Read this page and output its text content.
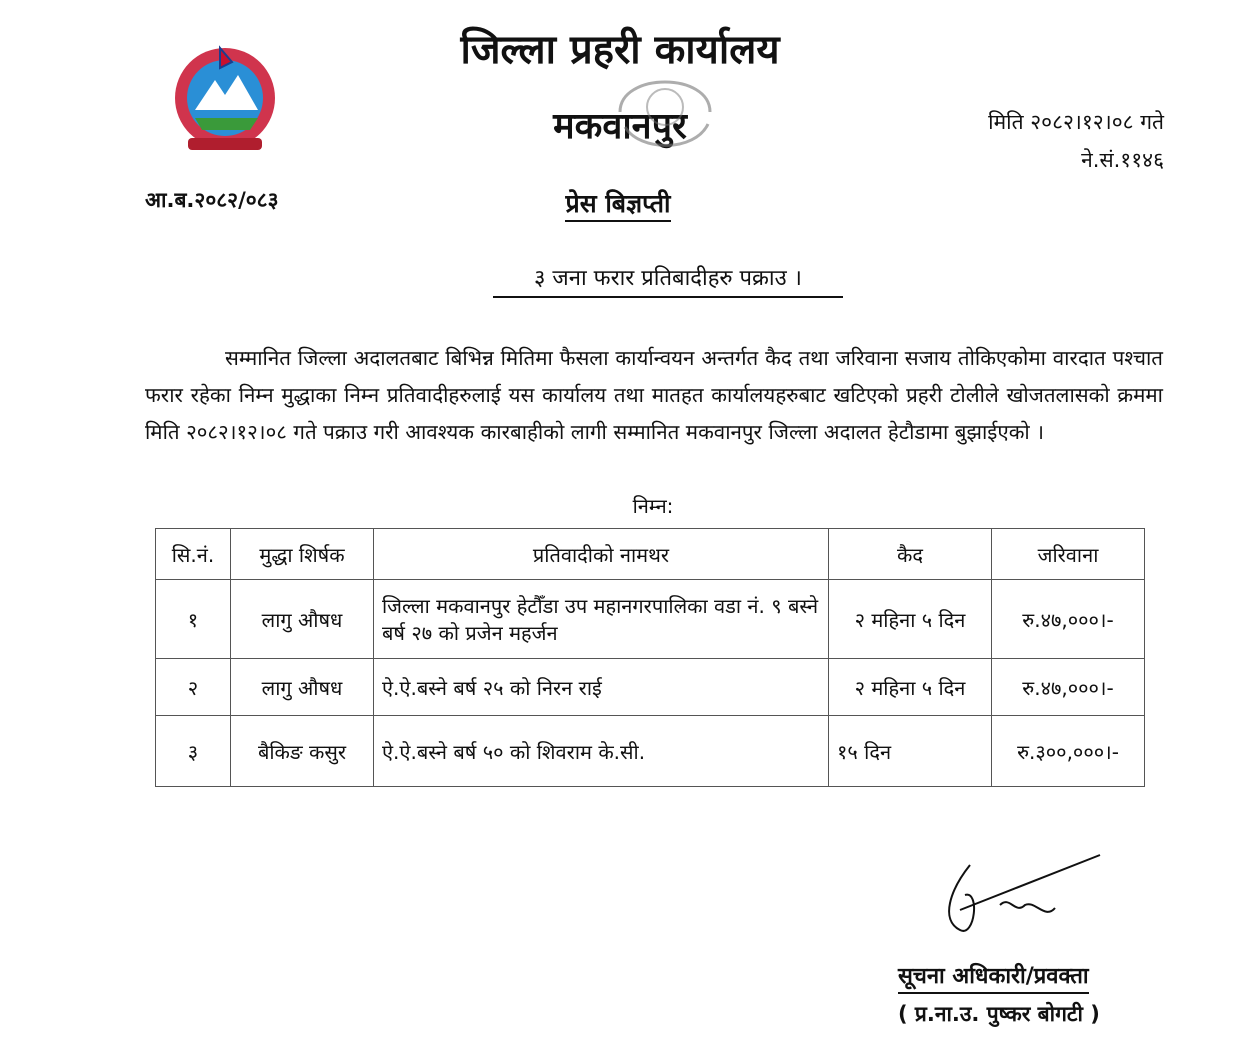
जिल्ला प्रहरी कार्यालय
मकवानपुर	मिति २०८२।१२।०८ गते
ने.सं.११४६
आ.ब.२०८२/०८३	प्रेस बिज्ञप्ती
३ जना फरार प्रतिबादीहरु पक्राउ ।
सम्मानित जिल्ला अदालतबाट बिभिन्न मितिमा फैसला कार्यान्वयन अन्तर्गत कैद तथा जरिवाना सजाय तोकिएकोमा वारदात पश्चात फरार रहेका निम्न मुद्धाका निम्न प्रतिवादीहरुलाई यस कार्यालय तथा मातहत कार्यालयहरुबाट खटिएको प्रहरी टोलीले खोजतलासको क्रममा मिति २०८२।१२।०८ गते पक्राउ गरी आवश्यक कारबाहीको लागी सम्मानित मकवानपुर जिल्ला अदालत हेटौडामा बुझाईएको ।
निम्न:
सि.नं.	मुद्धा शिर्षक	प्रतिवादीको नामथर	कैद	जरिवाना
१	लागु औषध	जिल्ला मकवानपुर हेटौँडा उप महानगरपालिका वडा नं. ९ बस्ने बर्ष २७ को प्रजेन महर्जन	२ महिना ५ दिन	रु.४७,०००।-
२	लागु औषध	ऐ.ऐ.बस्ने बर्ष २५ को निरन राई	२ महिना ५ दिन	रु.४७,०००।-
३	बैकिङ कसुर	ऐ.ऐ.बस्ने बर्ष ५० को शिवराम के.सी.	१५ दिन	रु.३००,०००।-
सूचना अधिकारी/प्रवक्ता
( प्र.ना.उ. पुष्कर बोगटी )
